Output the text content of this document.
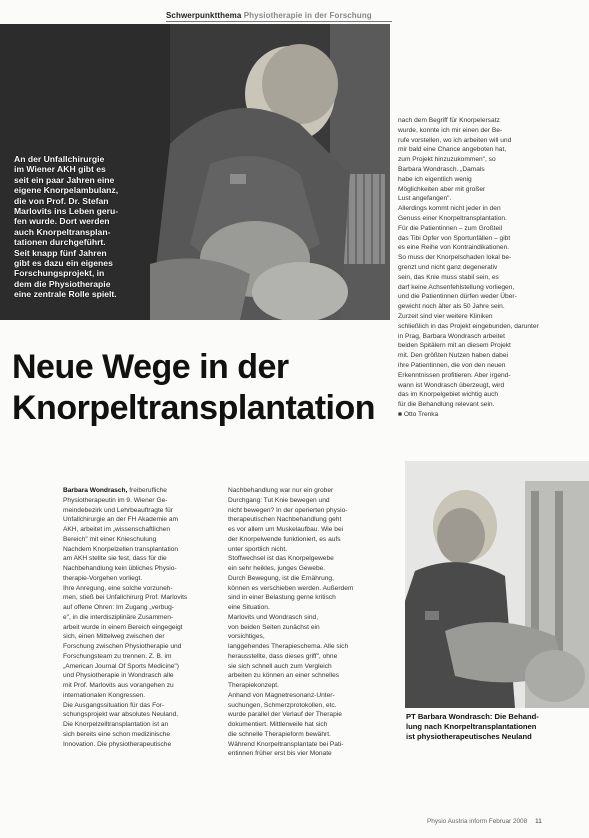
Schwerpunktthema Physiotherapie in der Forschung
An der Unfallchirurgie
im Wiener AKH gibt es
seit ein paar Jahren eine
eigene Knorpelambulanz,
die von Prof. Dr. Stefan
Marlovits ins Leben geru-
fen wurde. Dort werden
auch Knorpeltransplan-
tationen durchgeführt.
Seit knapp fünf Jahren
gibt es dazu ein eigenes
Forschungsprojekt, in
dem die Physiotherapie
eine zentrale Rolle spielt.
nach dem Begriff für Knorpelersatz
wurde, konnte ich mir einen der Be-
rufe vorstellen, wo ich arbeiten will und
mir bald eine Chance angeboten hat,
zum Projekt hinzuzukommen", so
Barbara Wondrasch. „Damals
habe ich eigentlich wenig
Möglichkeiten aber mit großer
Lust angefangen".
Allerdings kommt nicht jeder in den
Genuss einer Knorpeltransplantation.
Für die Patientinnen – zum Großteil
das Tibi Opfer von Sportunfällen – gibt
es eine Reihe von Kontraindikationen.
So muss der Knorpelschaden lokal be-
grenzt und nicht ganz degenerativ
sein, das Knie muss stabil sein, es
darf keine Achsenfehlstellung vorliegen,
und die Patientinnen dürfen weder Über-
gewicht noch älter als 50 Jahre sein.
Zurzeit sind vier weitere Kliniken
schließlich in das Projekt eingebunden, darunter
in Prag, Barbara Wondrasch arbeitet
beiden Spitälern mit an diesem Projekt
mit. Den größten Nutzen haben dabei
ihre Patientinnen, die von den neuen
Erkenntnissen profitieren. Aber irgend-
wann ist Wondrasch überzeugt, wird
das im Knorpelgebiet wichtig auch
für die Behandlung relevant sein.
■ Otto Trenka
Neue Wege in der
Knorpeltransplantation
Barbara Wondrasch, freiberufliche
Physiotherapeutin im 9. Wiener Ge-
meindebezirk und Lehrbeauftragte für
Unfallchirurgie an der FH Akademie am
AKH, arbeitet im „wissenschaftlichen
Bereich" mit einer Knieschulung
Nachdem Knorpelzellen transplantation
am AKH stellte sie fest, dass für die
Nachbehandlung kein übliches Physio-
therapie-Vorgehen vorliegt.
Ihre Anregung, eine solche vorzuneh-
men, stieß bei Unfallchirurg Prof. Marlovits
auf offene Ohren: Im Zugang „verbug-
e", in die interdisziplinäre Zusammen-
arbeit wurde in einem Bereich eingegeigt
sich, einen Mittelweg zwischen der
Forschung zwischen Physiotherapie und
Forschungsteam zu trennen. Z. B. im
„American Journal Of Sports Medicine")
und Physiotherapie in Wondrasch alle
mit Prof. Marlovits aus vorangehen zu
internationalen Kongressen.
Die Ausgangssituation für das For-
schungsprojekt war absolutes Neuland.
Die Knorpelzelltransplantation ist an
sich bereits eine schon medizinische
Innovation. Die physiotherapeutische
Nachbehandlung war nur ein grober
Durchgang: Tut Knie bewegen und
nicht bewegen? In der operierten physio-
therapeutischen Nachbehandlung geht
es vor allem um Muskelaufbau. Wie bei
der Knorpelwende funktioniert, es aufs
unter sportlich nicht.
Stoffwechsel ist das Knorpelgewebe
ein sehr heikles, junges Gewebe.
Durch Bewegung, ist die Ernährung,
können es verschieben werden. Außerdem
sind in einer Belastung gerne kritisch
eine Situation.
Marlovits und Wondrasch sind,
von beiden Seiten zunächst ein vorsichtiges,
langgehendes Therapieschema. Alle sich
herausstellte, dass dieses griff", ohne
sie sich schnell auch zum Vergleich
arbeiten zu können an einer schnelles
Therapiekonzept.
Anhand von Magnetresonanz-Unter-
suchungen, Schmerzprotokollen, etc.
wurde parallel der Verlauf der Therapie
dokumentiert. Mittlerweile hat sich
die schnelle Therapieform bewährt.
Während Knorpeltransplantate bei Pati-
entinnen früher erst bis vier Monate
PT Barbara Wondrasch: Die Behand-
lung nach Knorpeltransplantationen
ist physiotherapeutisches Neuland
Physio Austria inform Februar 2008 11
